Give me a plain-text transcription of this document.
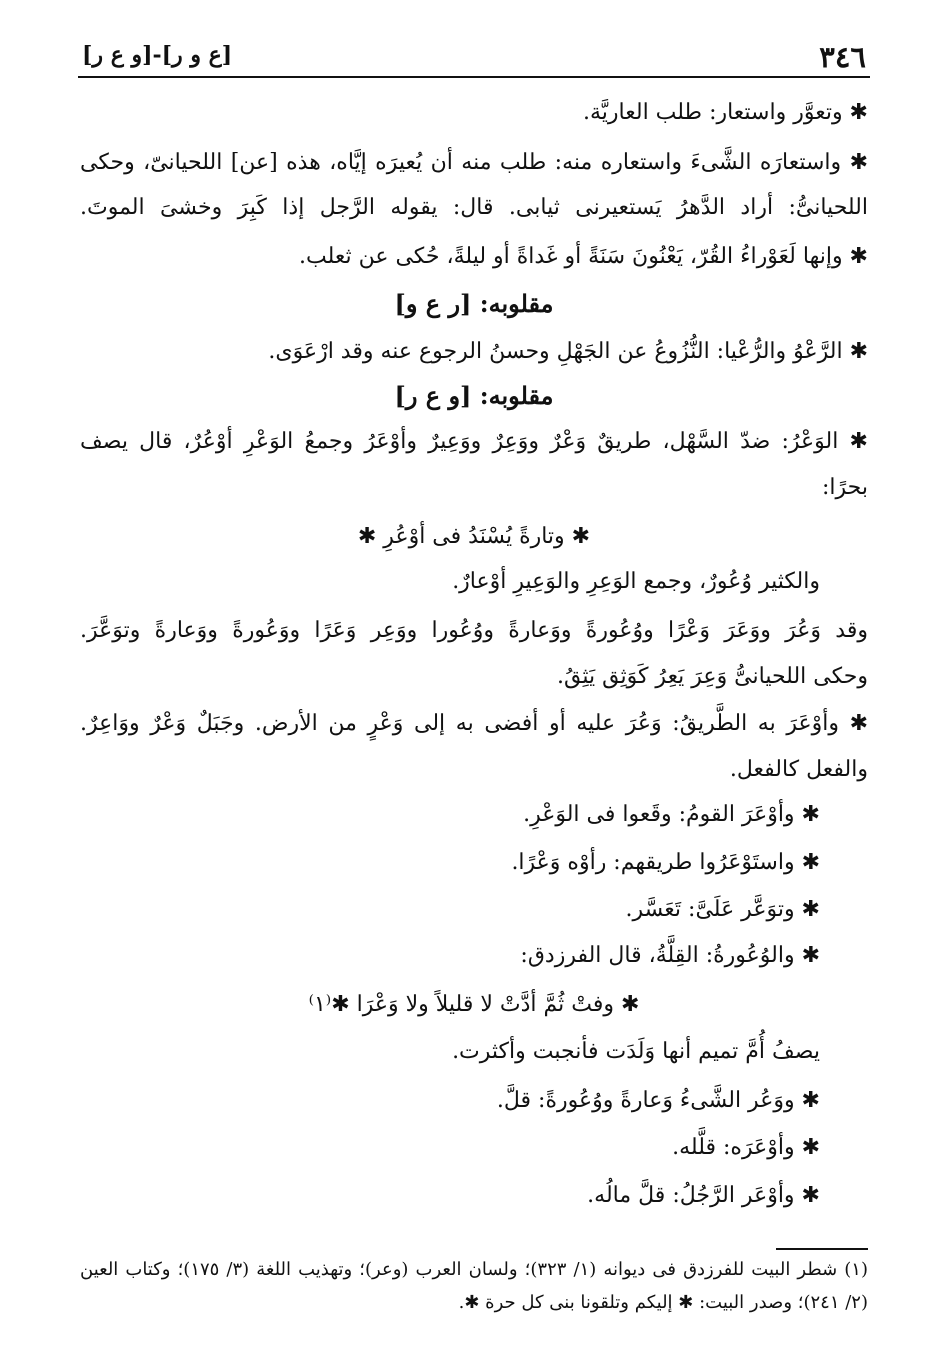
٣٤٦
[ع و ر]-[و ع ر]
✱ وتعوَّر واستعار: طلب العاريَّة.
✱ واستعارَه الشَّىءَ واستعاره منه: طلب منه أن يُعيرَه إيَّاه، هذه [عن] اللحيانىّ، وحكى
اللحيانىُّ: أراد الدَّهرُ يَستعيرنى ثيابى. قال: يقوله الرَّجل إذا كَبِرَ وخشىَ الموتَ.
✱ وإنها لَعَوْراءُ القُرّ، يَعْنُونَ سَنَةً أو غَداةً أو ليلةً، حُكى عن ثعلب.
مقلوبه: [ر ع و]
✱ الرَّعْوُ والرُّعْيا: النُّزُوعُ عن الجَهْلِ وحسنُ الرجوع عنه وقد ارْعَوَى.
مقلوبه: [و ع ر]
✱ الوَعْرُ: ضدّ السَّهْل، طريقٌ وَعْرٌ ووَعِرٌ ووَعِيرٌ وأوْعَرُ وجمعُ الوَعْرِ أوْعُرٌ، قال يصف
بحرًا:
✱ وتارةً يُسْنَدُ فى أوْعُرِ ✱
والكثير وُعُورٌ، وجمع الوَعِرِ والوَعِيرِ أوْعارٌ.
وقد وَعُرَ ووَعَرَ وَعْرًا ووُعُورةً ووَعارةً ووُعُورا ووَعِر وَعَرًا ووَعُورةً ووَعارةً وتوَعَّرَ.
وحكى اللحيانىُّ وَعِرَ يَعِرُ كَوَثِق يَثِقُ.
✱ وأوْعَرَ به الطَّريقُ: وَعُرَ عليه أو أفضى به إلى وَعْرٍ من الأرض. وجَبَلٌ وَعْرٌ ووَاعِرٌ.
والفعل كالفعل.
✱ وأوْعَرَ القومُ: وقَعوا فى الوَعْرِ.
✱ واستَوْعَرُوا طريقهم: رأوْه وَعْرًا.
✱ وتوَعَّر عَلَىَّ: تَعَسَّر.
✱ والوُعُورةُ: القِلَّةُ، قال الفرزدق:
✱ وفتْ ثُمَّ أدَّتْ لا قليلاً ولا وَعْرَا ✱⁽١⁾
يصفُ أُمَّ تميم أنها وَلَدَت فأنجبت وأكثرت.
✱ ووَعُر الشَّىءُ وَعارةً ووُعُورةً: قلَّ.
✱ وأوْعَرَه: قلَّله.
✱ وأوْعَر الرَّجُلُ: قلَّ مالُه.
(١) شطر البيت للفرزدق فى ديوانه (١/ ٣٢٣)؛ ولسان العرب (وعر)؛ وتهذيب اللغة (٣/ ١٧٥)؛ وكتاب العين
(٢/ ٢٤١)؛ وصدر البيت: ✱ إليكم وتلقونا بنى كل حرة ✱.
